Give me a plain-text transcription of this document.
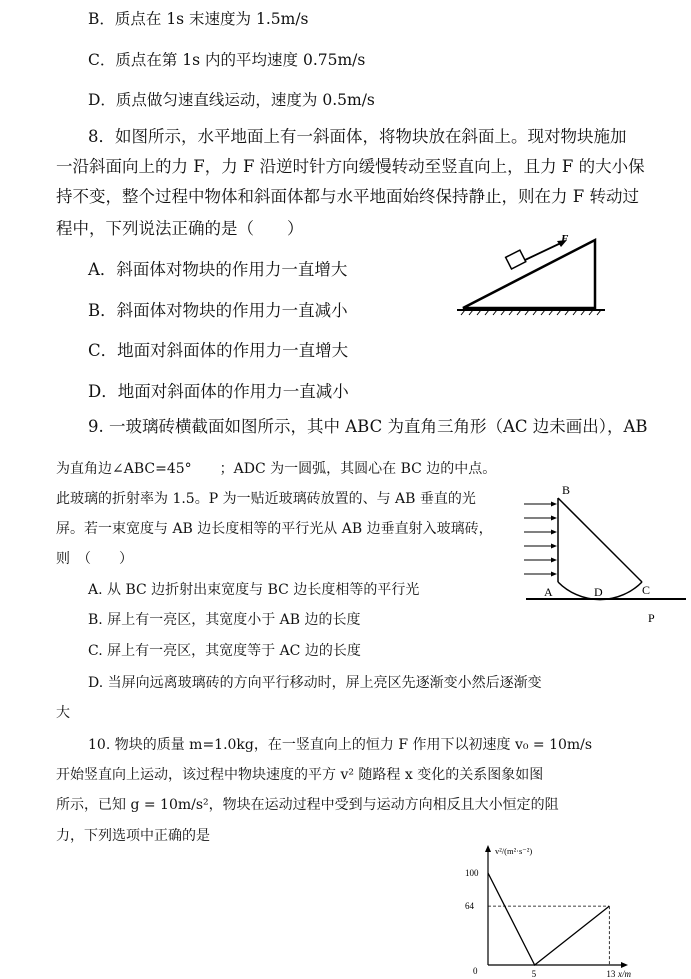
B．质点在 1s 末速度为 1.5m/s
C．质点在第 1s 内的平均速度 0.75m/s
D．质点做匀速直线运动，速度为 0.5m/s
8．如图所示，水平地面上有一斜面体，将物块放在斜面上。现对物块施加
一沿斜面向上的力 F，力 F 沿逆时针方向缓慢转动至竖直向上，且力 F 的大小保
持不变，整个过程中物体和斜面体都与水平地面始终保持静止，则在力 F 转动过
程中，下列说法正确的是（　　）
A．斜面体对物块的作用力一直增大
B．斜面体对物块的作用力一直减小
C．地面对斜面体的作用力一直增大
D．地面对斜面体的作用力一直减小
F
9. 一玻璃砖横截面如图所示，其中 ABC 为直角三角形（AC 边未画出），AB
为直角边∠ABC=45°　　；ADC 为一圆弧，其圆心在 BC 边的中点。
此玻璃的折射率为 1.5。P 为一贴近玻璃砖放置的、与 AB 垂直的光
屏。若一束宽度与 AB 边长度相等的平行光从 AB 边垂直射入玻璃砖，
则　（　　）
A. 从 BC 边折射出束宽度与 BC 边长度相等的平行光
B. 屏上有一亮区，其宽度小于 AB 边的长度
C. 屏上有一亮区，其宽度等于 AC 边的长度
D. 当屏向远离玻璃砖的方向平行移动时，屏上亮区先逐渐变小然后逐渐变
大
B
A	D	C
P
10. 物块的质量 m=1.0kg，在一竖直向上的恒力 F 作用下以初速度 v₀ = 10m/s
开始竖直向上运动，该过程中物块速度的平方 v² 随路程 x 变化的关系图象如图
所示，已知 g = 10m/s²，物块在运动过程中受到与运动方向相反且大小恒定的阻
力，下列选项中正确的是
v²/(m²·s⁻²)
x/m
0
100
64
5	13
